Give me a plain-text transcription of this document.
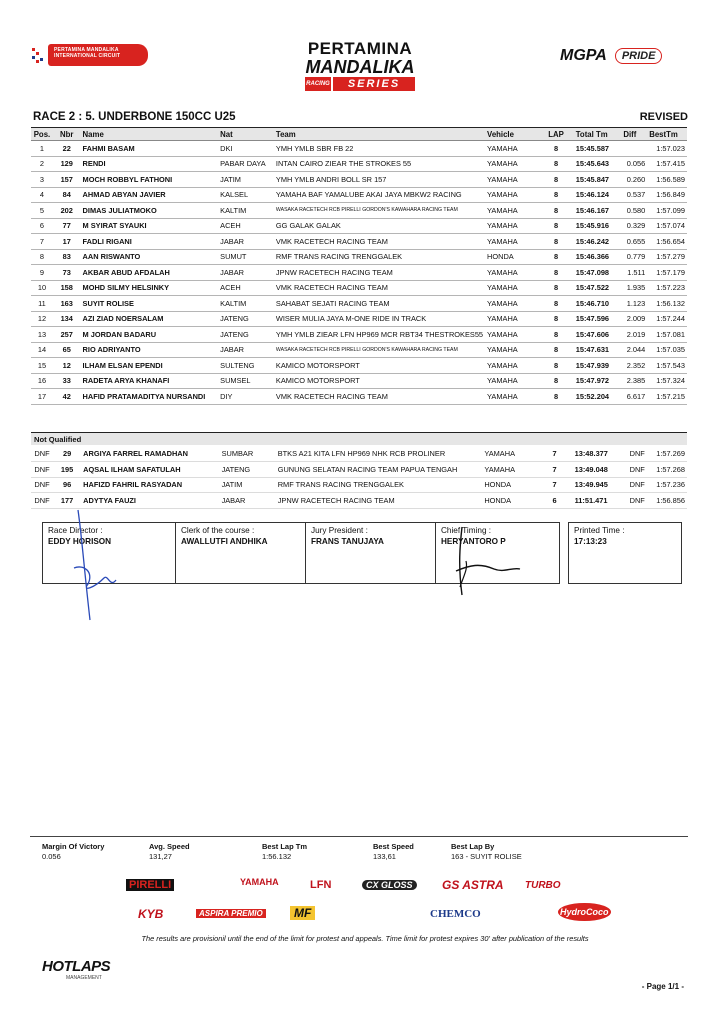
PERTAMINA MANDALIKA INTERNATIONAL CIRCUIT	PERTAMINA
MANDALIKA
RACING	SERIES
MGPA	PRIDE
RACE 2 : 5. UNDERBONE 150CC U25	REVISED
Pos.	Nbr	Name	Nat	Team	Vehicle	LAP	Total Tm	Diff	BestTm
1	22	FAHMI BASAM	DKI	YMH YMLB SBR FB 22	YAMAHA	8	15:45.587		1:57.023
2	129	RENDI	PABAR DAYA	INTAN CAIRO ZIEAR THE STROKES 55	YAMAHA	8	15:45.643	0.056	1:57.415
3	157	MOCH ROBBYL FATHONI	JATIM	YMH YMLB ANDRI BOLL SR 157	YAMAHA	8	15:45.847	0.260	1:56.589
4	84	AHMAD ABYAN JAVIER	KALSEL	YAMAHA BAF YAMALUBE AKAI JAYA MBKW2 RACING	YAMAHA	8	15:46.124	0.537	1:56.849
5	202	DIMAS JULIATMOKO	KALTIM	WASAKA RACETECH RCB PIRELLI GORDON'S KAWAHARA RACING TEAM	YAMAHA	8	15:46.167	0.580	1:57.099
6	77	M SYIRAT SYAUKI	ACEH	GG GALAK GALAK	YAMAHA	8	15:45.916	0.329	1:57.074
7	17	FADLI RIGANI	JABAR	VMK RACETECH RACING TEAM	YAMAHA	8	15:46.242	0.655	1:56.654
8	83	AAN RISWANTO	SUMUT	RMF TRANS RACING TRENGGALEK	HONDA	8	15:46.366	0.779	1:57.279
9	73	AKBAR ABUD AFDALAH	JABAR	JPNW RACETECH RACING TEAM	YAMAHA	8	15:47.098	1.511	1:57.179
10	158	MOHD SILMY HELSINKY	ACEH	VMK RACETECH RACING TEAM	YAMAHA	8	15:47.522	1.935	1:57.223
11	163	SUYIT ROLISE	KALTIM	SAHABAT SEJATI RACING TEAM	YAMAHA	8	15:46.710	1.123	1:56.132
12	134	AZI ZIAD NOERSALAM	JATENG	WISER MULIA JAYA M-ONE RIDE IN TRACK	YAMAHA	8	15:47.596	2.009	1:57.244
13	257	M JORDAN BADARU	JATENG	YMH YMLB ZIEAR LFN HP969 MCR RBT34 THESTROKES55	YAMAHA	8	15:47.606	2.019	1:57.081
14	65	RIO ADRIYANTO	JABAR	WASAKA RACETECH RCB PIRELLI GORDON'S KAWAHARA RACING TEAM	YAMAHA	8	15:47.631	2.044	1:57.035
15	12	ILHAM ELSAN EPENDI	SULTENG	KAMICO MOTORSPORT	YAMAHA	8	15:47.939	2.352	1:57.543
16	33	RADETA ARYA KHANAFI	SUMSEL	KAMICO MOTORSPORT	YAMAHA	8	15:47.972	2.385	1:57.324
17	42	HAFID PRATAMADITYA NURSANDI	DIY	VMK RACETECH RACING TEAM	YAMAHA	8	15:52.204	6.617	1:57.215
Not Qualified
DNF	29	ARGIYA FARREL RAMADHAN	SUMBAR	BTKS A21 KITA LFN HP969 NHK RCB PROLINER	YAMAHA	7	13:48.377	DNF	1:57.269
DNF	195	AQSAL ILHAM SAFATULAH	JATENG	GUNUNG SELATAN RACING TEAM PAPUA TENGAH	YAMAHA	7	13:49.048	DNF	1:57.268
DNF	96	HAFIZD FAHRIL RASYADAN	JATIM	RMF TRANS RACING TRENGGALEK	HONDA	7	13:49.945	DNF	1:57.236
DNF	177	ADYTYA FAUZI	JABAR	JPNW RACETECH RACING TEAM	HONDA	6	11:51.471	DNF	1:56.856
Race Director :
EDDY HORISON
Clerk of the course :
AWALLUTFI ANDHIKA
Jury President :
FRANS TANUJAYA
Chief Timing :
HERYANTORO P
Printed Time :
17:13:23
Margin Of Victory
0.056
Avg. Speed
131,27
Best Lap Tm
1:56.132
Best Speed
133,61
Best Lap By
163 - SUYIT ROLISE
PIRELLI	YAMAHA	LFN	CX GLOSS	GS ASTRA TURBO
KYB	ASPIRA PREMIO	MF	CHEMCO	HydroCoco
The results are provisionil until the end of the limit for protest and appeals. Time limit for protest expires 30' after publication of the results
HOTLAPS
MANAGEMENT
- Page 1/1 -
